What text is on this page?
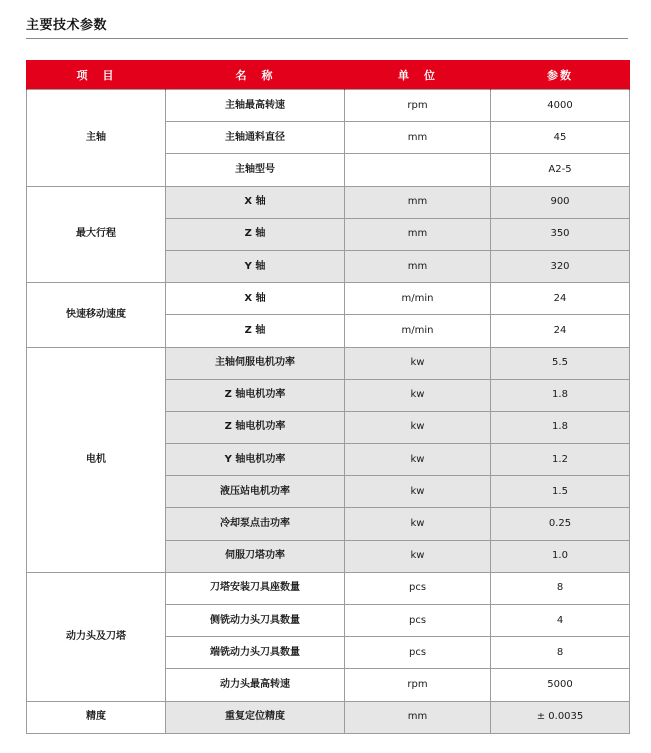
主要技术参数
项　目	名　称	单　位	参数
主轴	主轴最高转速	rpm	4000
	主轴通料直径	mm	45
	主轴型号		A2-5
最大行程	X 轴	mm	900
	Z 轴	mm	350
	Y 轴	mm	320
快速移动速度	X 轴	m/min	24
	Z 轴	m/min	24
电机	主轴伺服电机功率	kw	5.5
	Z 轴电机功率	kw	1.8
	Z 轴电机功率	kw	1.8
	Y 轴电机功率	kw	1.2
	液压站电机功率	kw	1.5
	冷却泵点击功率	kw	0.25
	伺服刀塔功率	kw	1.0
动力头及刀塔	刀塔安装刀具座数量	pcs	8
	侧铣动力头刀具数量	pcs	4
	端铣动力头刀具数量	pcs	8
	动力头最高转速	rpm	5000
精度	重复定位精度	mm	± 0.0035
